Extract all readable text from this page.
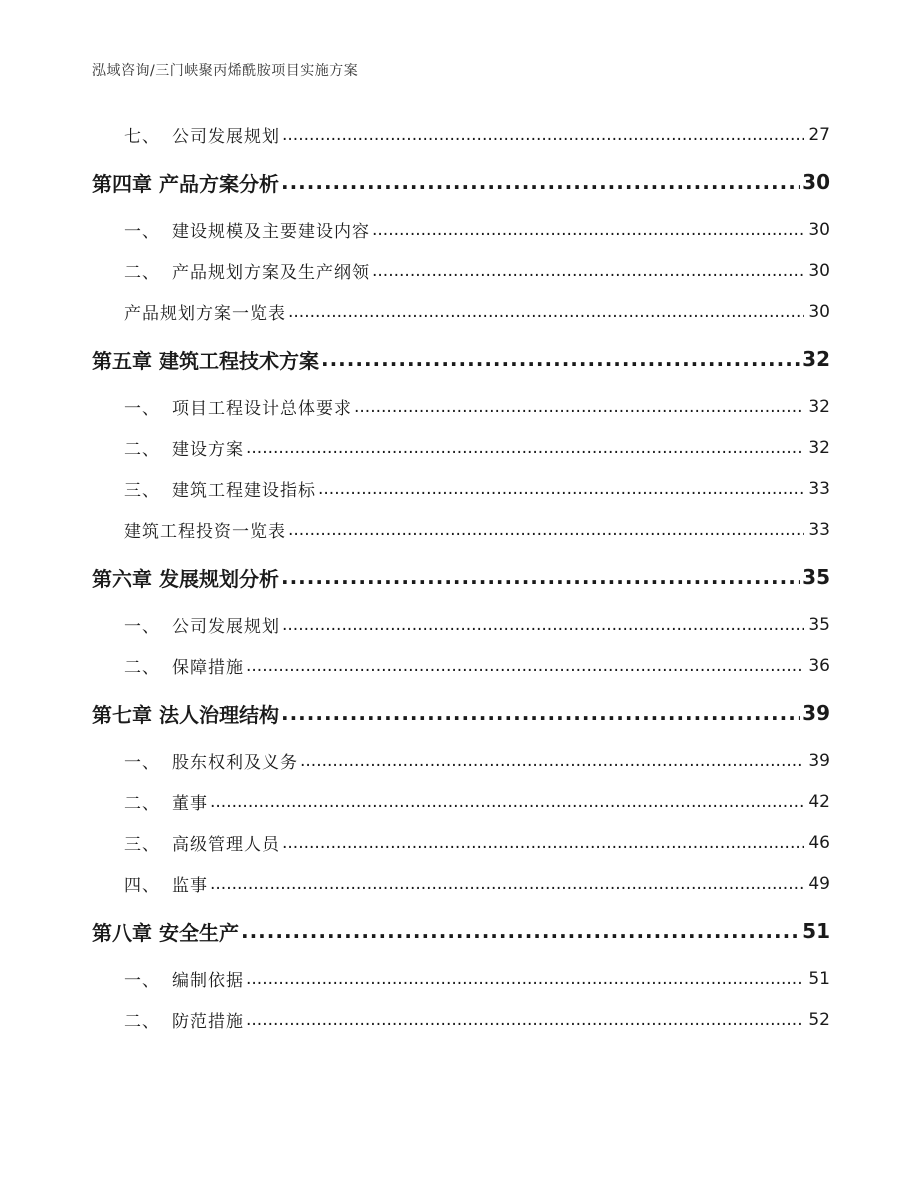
泓域咨询/三门峡聚丙烯酰胺项目实施方案
七、 公司发展规划 .....	27
第四章 产品方案分析 .....	30
一、 建设规模及主要建设内容 .....	30
二、 产品规划方案及生产纲领 .....	30
产品规划方案一览表 .....	30
第五章 建筑工程技术方案 .....	32
一、 项目工程设计总体要求 .....	32
二、 建设方案 .....	32
三、 建筑工程建设指标 .....	33
建筑工程投资一览表 .....	33
第六章 发展规划分析 .....	35
一、 公司发展规划 .....	35
二、 保障措施 .....	36
第七章 法人治理结构 .....	39
一、 股东权利及义务 .....	39
二、 董事 .....	42
三、 高级管理人员 .....	46
四、 监事 .....	49
第八章 安全生产 .....	51
一、 编制依据 .....	51
二、 防范措施 .....	52
